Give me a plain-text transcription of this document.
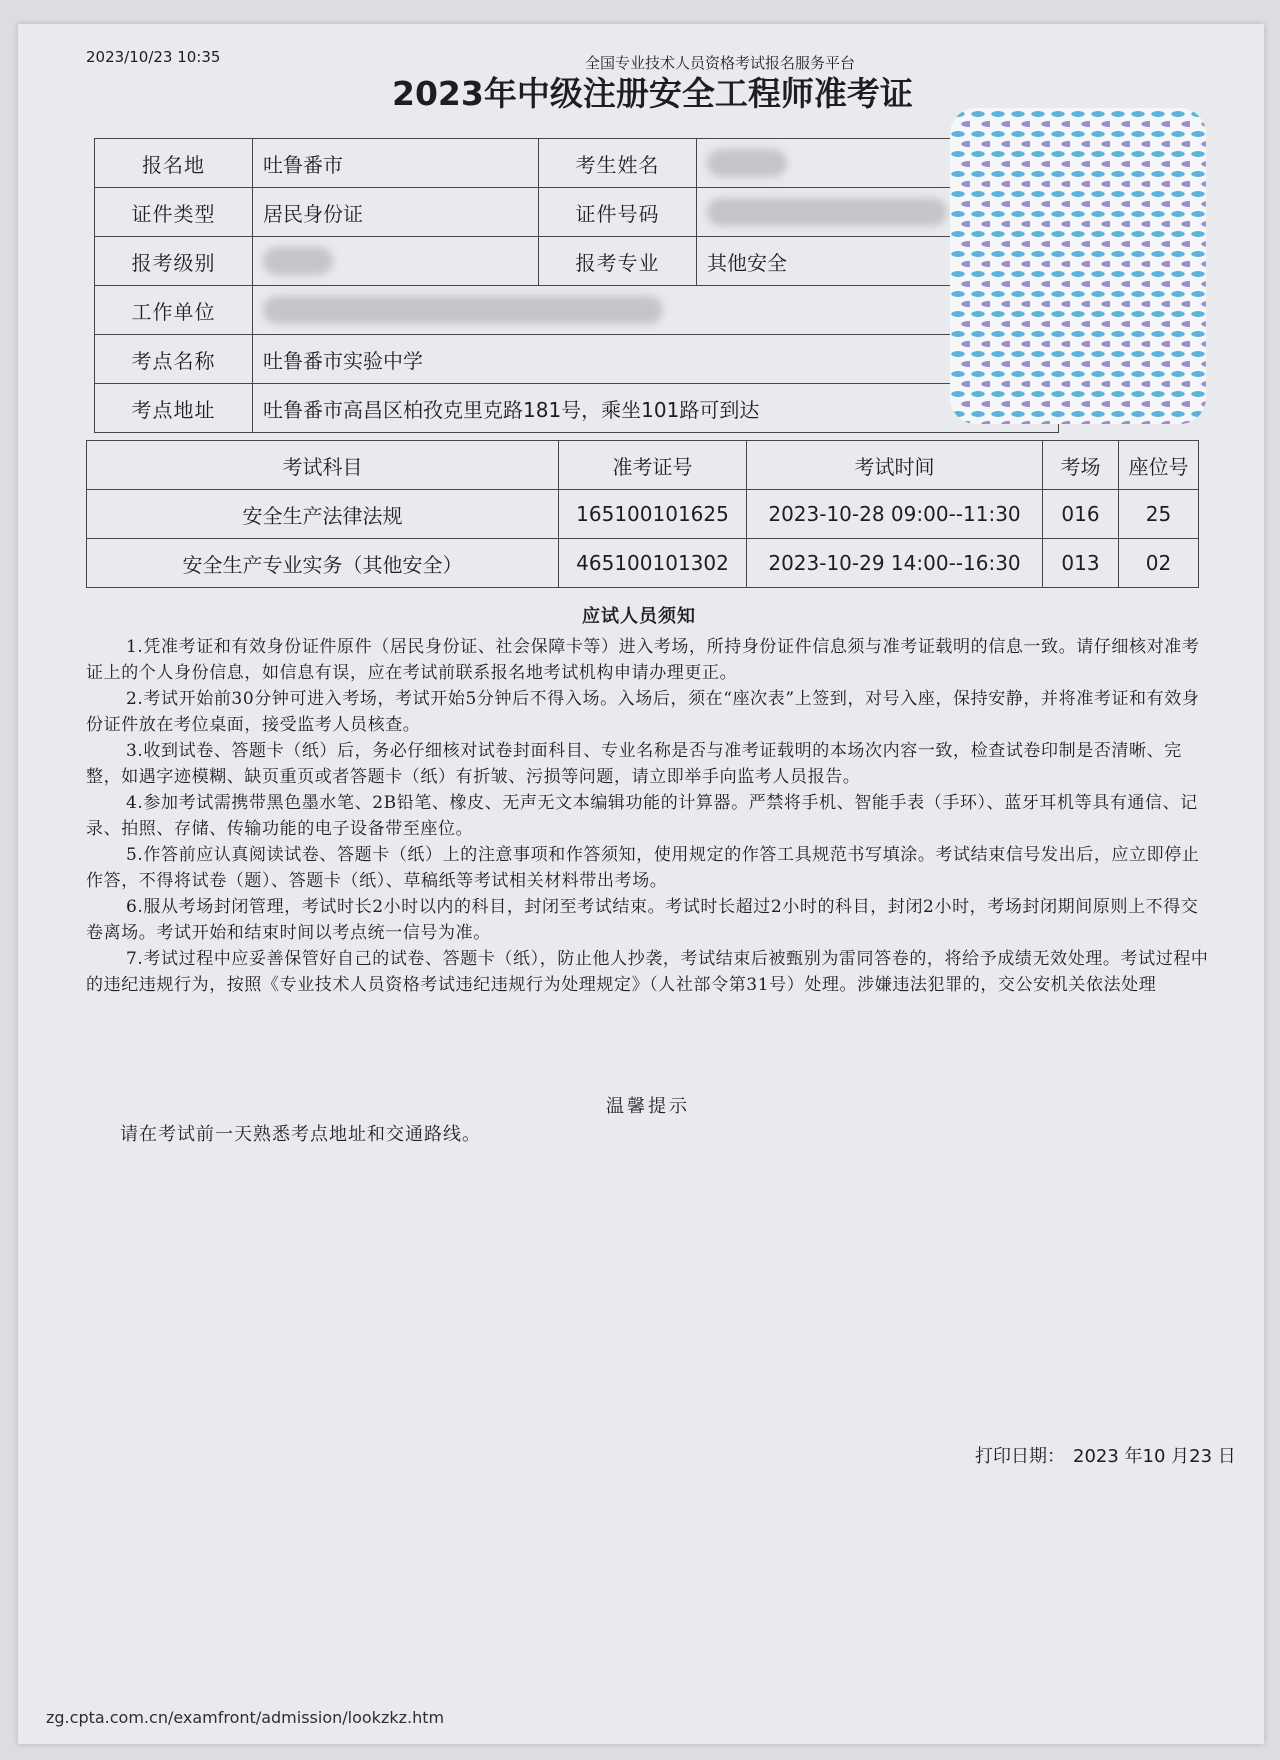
2023/10/23 10:35	全国专业技术人员资格考试报名服务平台
2023年中级注册安全工程师准考证
报名地	吐鲁番市	考生姓名	
证件类型	居民身份证	证件号码	
报考级别		报考专业	其他安全
工作单位			
考点名称	吐鲁番市实验中学		
考点地址	吐鲁番市高昌区柏孜克里克路181号，乘坐101路可到达		
考试科目	准考证号	考试时间	考场	座位号
安全生产法律法规	165100101625	2023-10-28 09:00--11:30	016	25
安全生产专业实务（其他安全）	465100101302	2023-10-29 14:00--16:30	013	02
应试人员须知

1.凭准考证和有效身份证件原件（居民身份证、社会保障卡等）进入考场，所持身份证件信息须与准考证载明的信息一致。请仔细核对准考证上的个人身份信息，如信息有误，应在考试前联系报名地考试机构申请办理更正。

2.考试开始前30分钟可进入考场，考试开始5分钟后不得入场。入场后，须在“座次表”上签到，对号入座，保持安静，并将准考证和有效身份证件放在考位桌面，接受监考人员核查。

3.收到试卷、答题卡（纸）后，务必仔细核对试卷封面科目、专业名称是否与准考证载明的本场次内容一致，检查试卷印制是否清晰、完整，如遇字迹模糊、缺页重页或者答题卡（纸）有折皱、污损等问题，请立即举手向监考人员报告。

4.参加考试需携带黑色墨水笔、2B铅笔、橡皮、无声无文本编辑功能的计算器。严禁将手机、智能手表（手环）、蓝牙耳机等具有通信、记录、拍照、存储、传输功能的电子设备带至座位。

5.作答前应认真阅读试卷、答题卡（纸）上的注意事项和作答须知，使用规定的作答工具规范书写填涂。考试结束信号发出后，应立即停止作答，不得将试卷（题）、答题卡（纸）、草稿纸等考试相关材料带出考场。

6.服从考场封闭管理，考试时长2小时以内的科目，封闭至考试结束。考试时长超过2小时的科目，封闭2小时，考场封闭期间原则上不得交卷离场。考试开始和结束时间以考点统一信号为准。

7.考试过程中应妥善保管好自己的试卷、答题卡（纸），防止他人抄袭，考试结束后被甄别为雷同答卷的，将给予成绩无效处理。考试过程中的违纪违规行为，按照《专业技术人员资格考试违纪违规行为处理规定》（人社部令第31号）处理。涉嫌违法犯罪的，交公安机关依法处理

温馨提示
请在考试前一天熟悉考点地址和交通路线。
打印日期： 2023 年10 月23 日
zg.cpta.com.cn/examfront/admission/lookzkz.htm
